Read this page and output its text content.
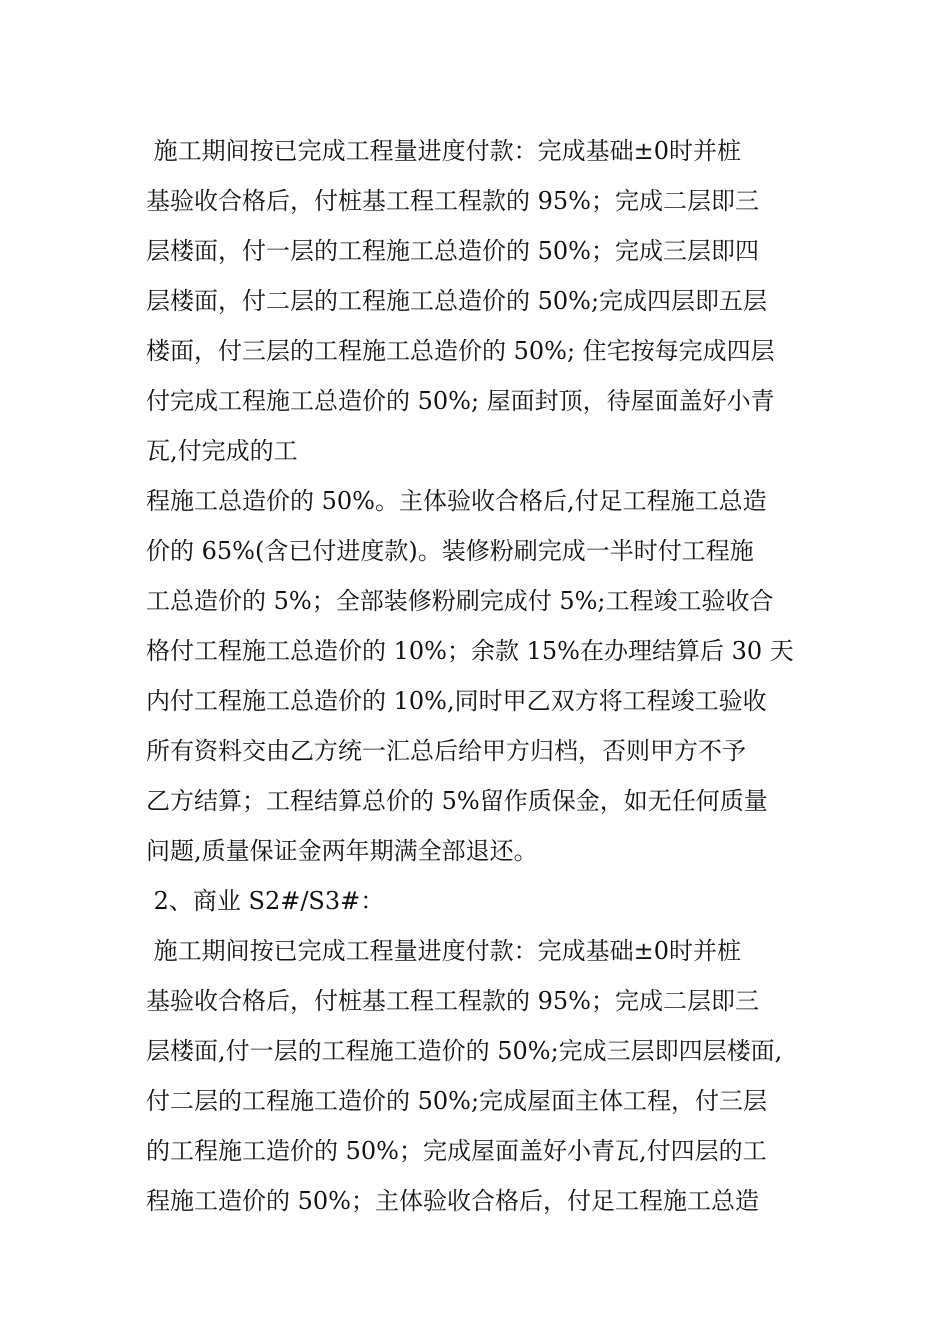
施工期间按已完成工程量进度付款：完成基础±0时并桩
基验收合格后，付桩基工程工程款的 95%；完成二层即三
层楼面，付一层的工程施工总造价的 50%；完成三层即四
层楼面，付二层的工程施工总造价的 50%;完成四层即五层
楼面，付三层的工程施工总造价的 50%; 住宅按每完成四层
付完成工程施工总造价的 50%; 屋面封顶，待屋面盖好小青
瓦,付完成的工
程施工总造价的 50%。主体验收合格后,付足工程施工总造
价的 65%(含已付进度款)。装修粉刷完成一半时付工程施
工总造价的 5%；全部装修粉刷完成付 5%;工程竣工验收合
格付工程施工总造价的 10%；余款 15%在办理结算后 30 天
内付工程施工总造价的 10%,同时甲乙双方将工程竣工验收
所有资料交由乙方统一汇总后给甲方归档，否则甲方不予
乙方结算；工程结算总价的 5%留作质保金，如无任何质量
问题,质量保证金两年期满全部退还。
2、商业 S2#/S3#：
施工期间按已完成工程量进度付款：完成基础±0时并桩
基验收合格后，付桩基工程工程款的 95%；完成二层即三
层楼面,付一层的工程施工造价的 50%;完成三层即四层楼面,
付二层的工程施工造价的 50%;完成屋面主体工程，付三层
的工程施工造价的 50%；完成屋面盖好小青瓦,付四层的工
程施工造价的 50%；主体验收合格后，付足工程施工总造
